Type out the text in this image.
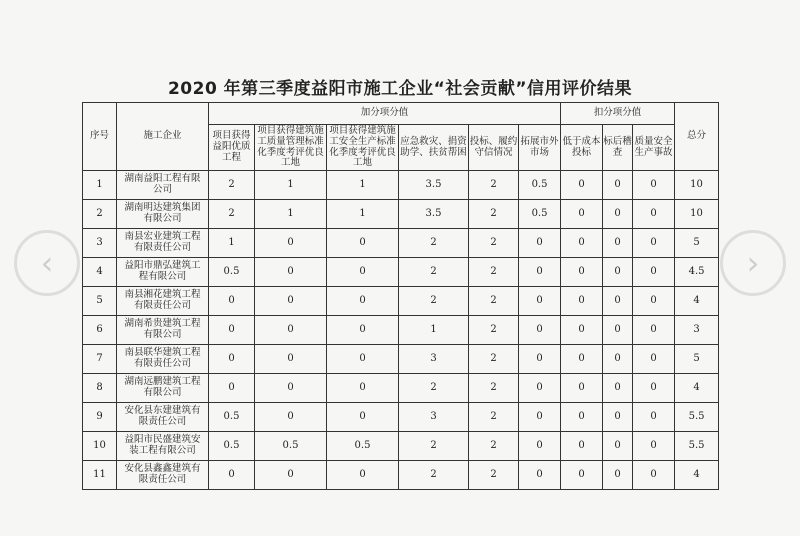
‹	›
2020 年第三季度益阳市施工企业“社会贡献”信用评价结果
序号	施工企业	加分项分值						扣分项分值			总分
		项目获得益阳优质工程	项目获得建筑施工质量管理标准化季度考评优良工地	项目获得建筑施工安全生产标准化季度考评优良工地	应急救灾、捐资助学、扶贫帮困	投标、履约守信情况	拓展市外市场	低于成本投标	标后稽查	质量安全生产事故	
1	湖南益阳工程有限公司	2	1	1	3.5	2	0.5	0	0	0	10
2	湖南明达建筑集团有限公司	2	1	1	3.5	2	0.5	0	0	0	10
3	南县宏业建筑工程有限责任公司	1	0	0	2	2	0	0	0	0	5
4	益阳市鼎弘建筑工程有限公司	0.5	0	0	2	2	0	0	0	0	4.5
5	南县湘花建筑工程有限责任公司	0	0	0	2	2	0	0	0	0	4
6	湖南希贵建筑工程有限公司	0	0	0	1	2	0	0	0	0	3
7	南县联华建筑工程有限责任公司	0	0	0	3	2	0	0	0	0	5
8	湖南远鹏建筑工程有限公司	0	0	0	2	2	0	0	0	0	4
9	安化县东建建筑有限责任公司	0.5	0	0	3	2	0	0	0	0	5.5
10	益阳市民盛建筑安装工程有限公司	0.5	0.5	0.5	2	2	0	0	0	0	5.5
11	安化县鑫鑫建筑有限责任公司	0	0	0	2	2	0	0	0	0	4
